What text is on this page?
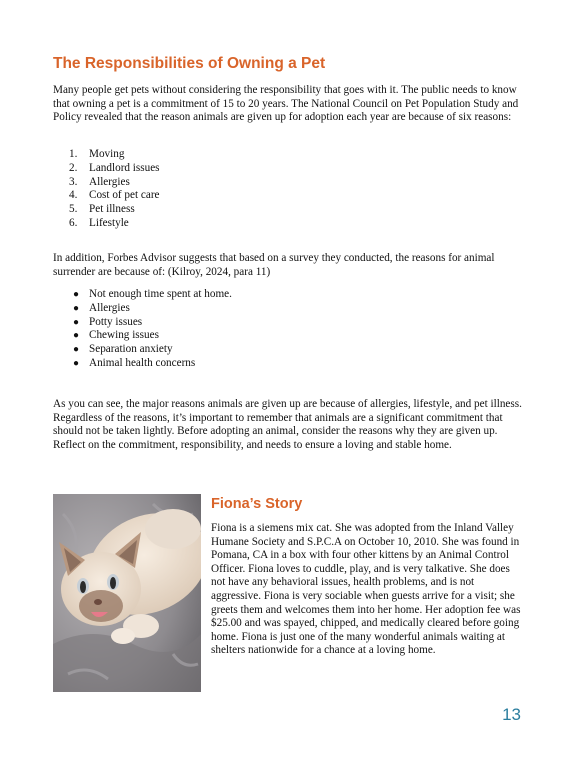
The Responsibilities of Owning a Pet

Many people get pets without considering the responsibility that goes with it. The public needs to know that owning a pet is a commitment of 15 to 20 years. The National Council on Pet Population Study and Policy revealed that the reason animals are given up for adoption each year are because of six reasons:

1. Moving
2. Landlord issues
3. Allergies
4. Cost of pet care
5. Pet illness
6. Lifestyle

In addition, Forbes Advisor suggests that based on a survey they conducted, the reasons for animal surrender are because of: (Kilroy, 2024, para 11)

● Not enough time spent at home.
● Allergies
● Potty issues
● Chewing issues
● Separation anxiety
● Animal health concerns

As you can see, the major reasons animals are given up are because of allergies, lifestyle, and pet illness. Regardless of the reasons, it’s important to remember that animals are a significant commitment that should not be taken lightly. Before adopting an animal, consider the reasons why they are given up. Reflect on the commitment, responsibility, and needs to ensure a loving and stable home.

Fiona’s Story

Fiona is a siemens mix cat. She was adopted from the Inland Valley Humane Society and S.P.C.A on October 10, 2010. She was found in Pomana, CA in a box with four other kittens by an Animal Control Officer. Fiona loves to cuddle, play, and is very talkative. She does not have any behavioral issues, health problems, and is not aggressive. Fiona is very sociable when guests arrive for a visit; she greets them and welcomes them into her home. Her adoption fee was $25.00 and was spayed, chipped, and medically cleared before going home. Fiona is just one of the many wonderful animals waiting at shelters nationwide for a chance at a loving home.

13
